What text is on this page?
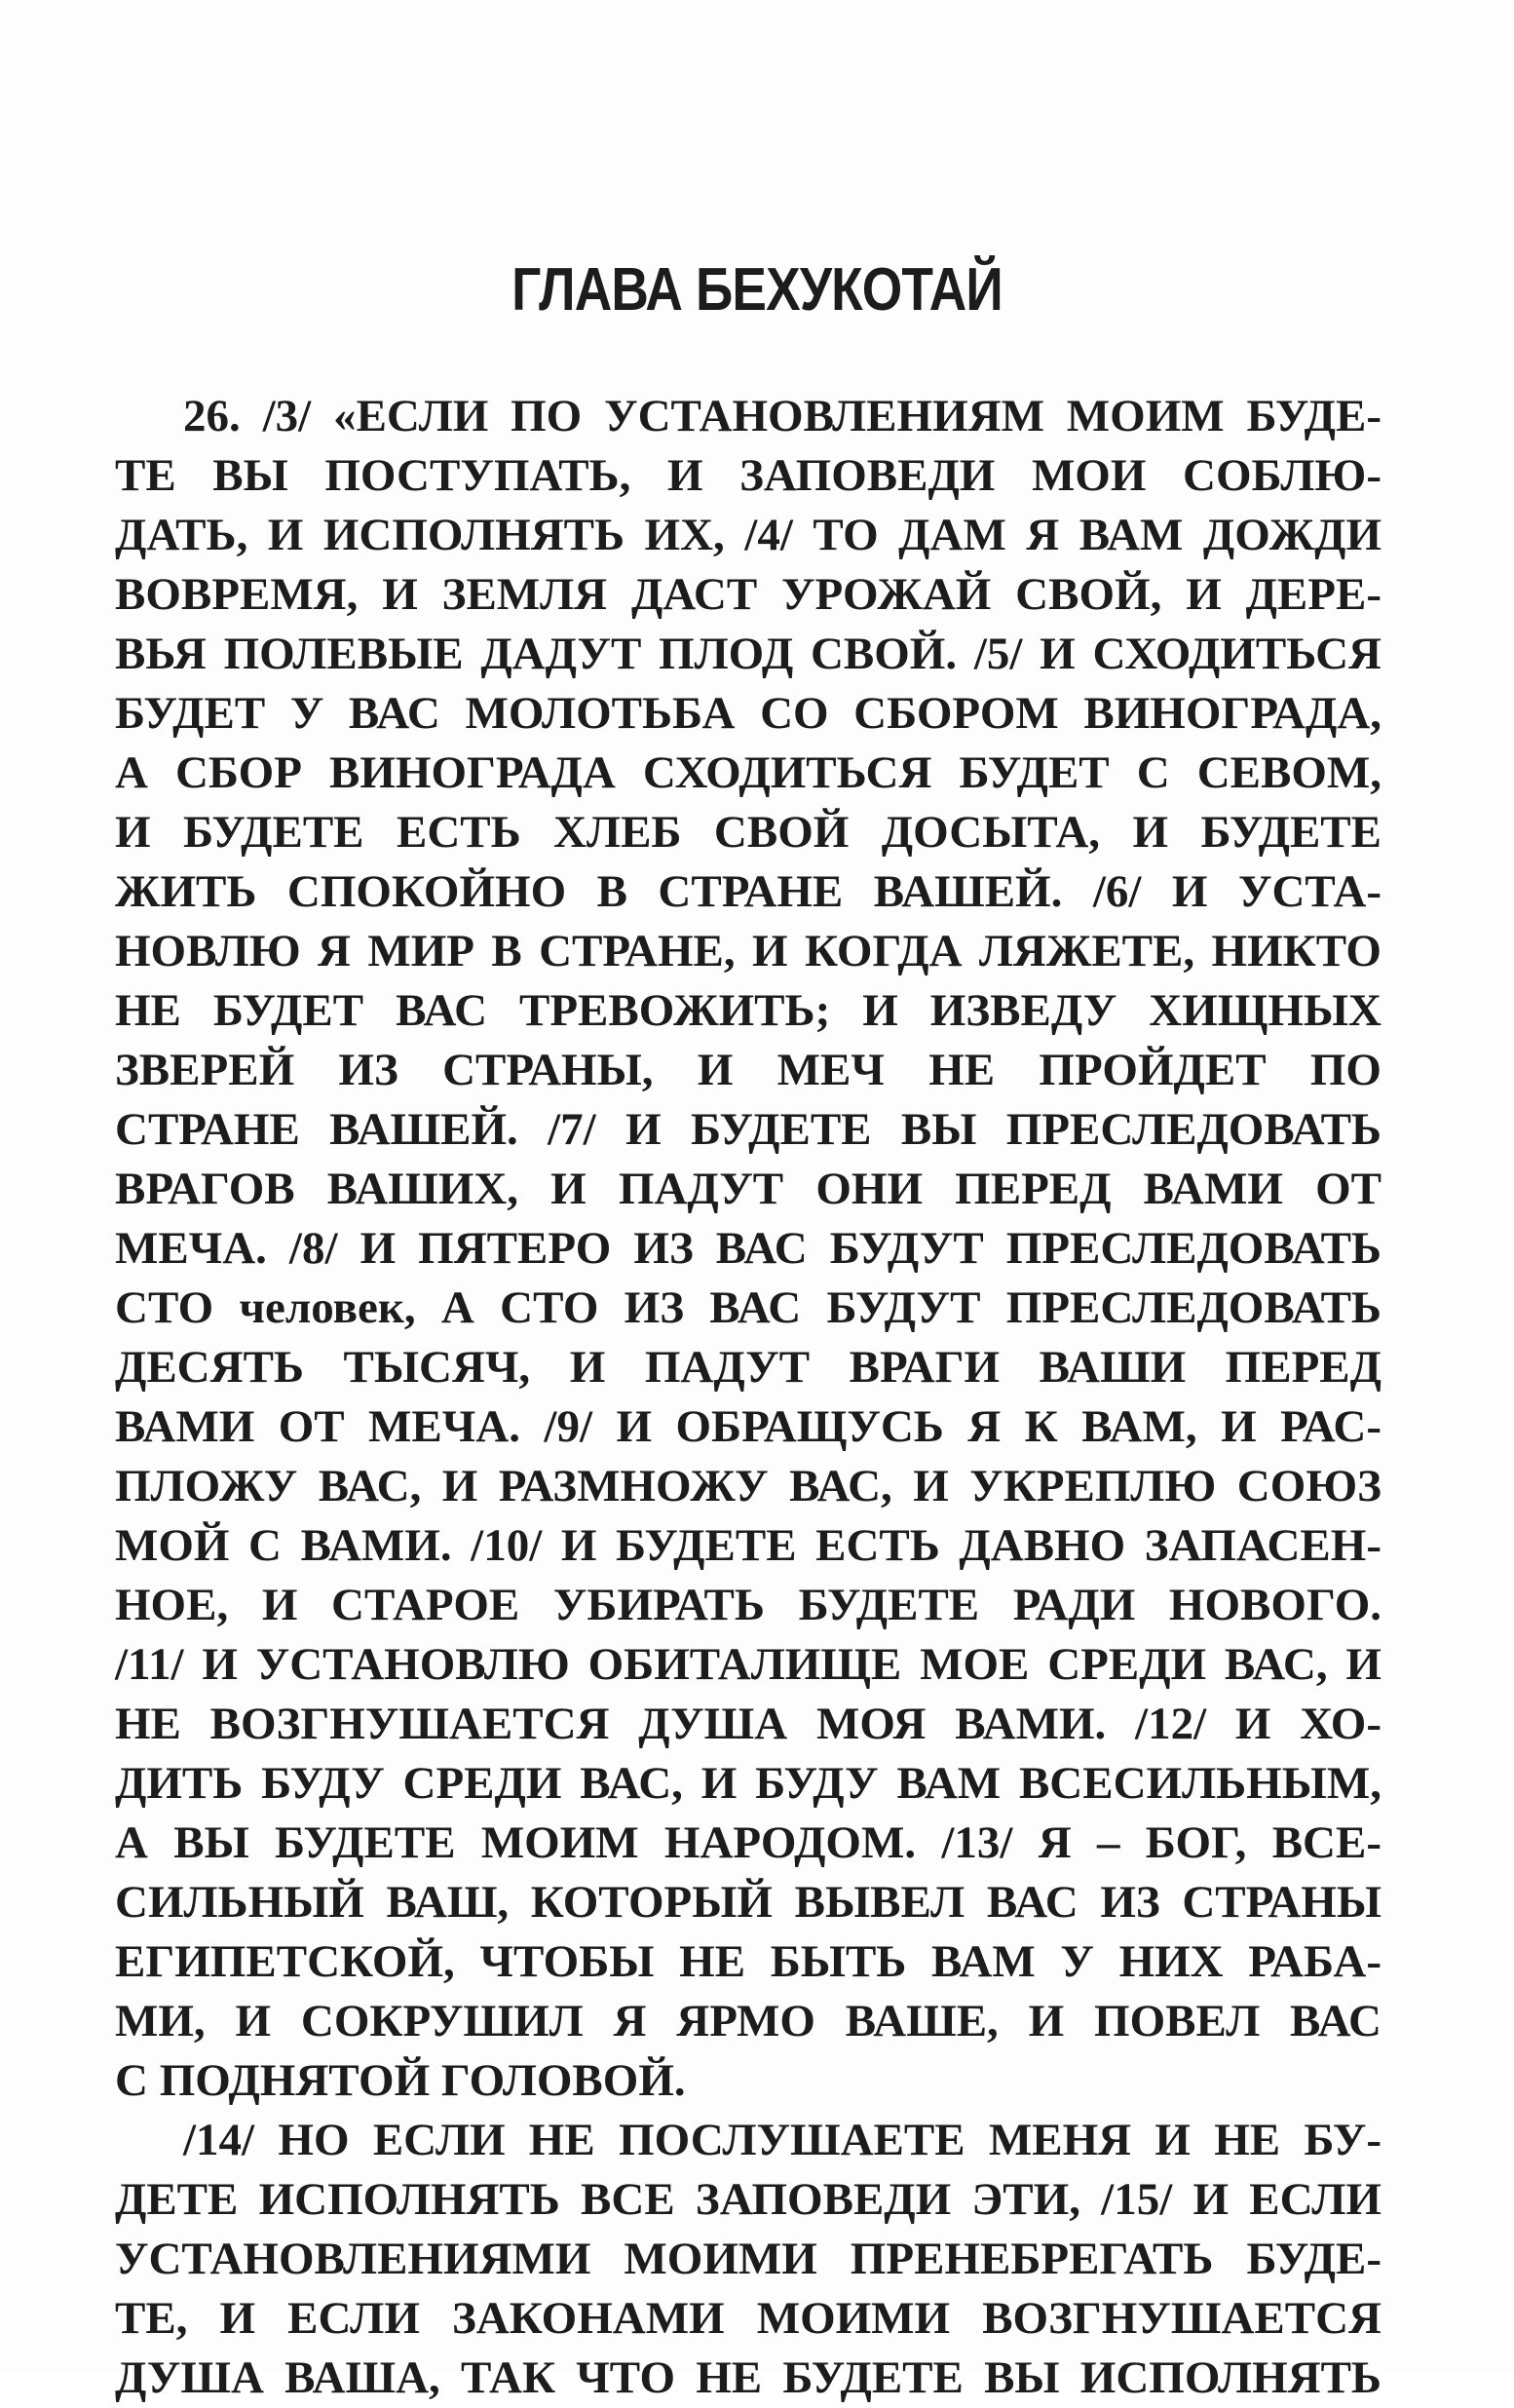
ГЛАВА БЕХУКОТАЙ
26. /3/ «ЕСЛИ ПО УСТАНОВЛЕНИЯМ МОИМ БУДЕ-
ТЕ ВЫ ПОСТУПАТЬ, И ЗАПОВЕДИ МОИ СОБЛЮ-
ДАТЬ, И ИСПОЛНЯТЬ ИХ, /4/ ТО ДАМ Я ВАМ ДОЖДИ
ВОВРЕМЯ, И ЗЕМЛЯ ДАСТ УРОЖАЙ СВОЙ, И ДЕРЕ-
ВЬЯ ПОЛЕВЫЕ ДАДУТ ПЛОД СВОЙ. /5/ И СХОДИТЬСЯ
БУДЕТ У ВАС МОЛОТЬБА СО СБОРОМ ВИНОГРАДА,
А СБОР ВИНОГРАДА СХОДИТЬСЯ БУДЕТ С СЕВОМ,
И БУДЕТЕ ЕСТЬ ХЛЕБ СВОЙ ДОСЫТА, И БУДЕТЕ
ЖИТЬ СПОКОЙНО В СТРАНЕ ВАШЕЙ. /6/ И УСТА-
НОВЛЮ Я МИР В СТРАНЕ, И КОГДА ЛЯЖЕТЕ, НИКТО
НЕ БУДЕТ ВАС ТРЕВОЖИТЬ; И ИЗВЕДУ ХИЩНЫХ
ЗВЕРЕЙ ИЗ СТРАНЫ, И МЕЧ НЕ ПРОЙДЕТ ПО
СТРАНЕ ВАШЕЙ. /7/ И БУДЕТЕ ВЫ ПРЕСЛЕДОВАТЬ
ВРАГОВ ВАШИХ, И ПАДУТ ОНИ ПЕРЕД ВАМИ ОТ
МЕЧА. /8/ И ПЯТЕРО ИЗ ВАС БУДУТ ПРЕСЛЕДОВАТЬ
СТО человек, А СТО ИЗ ВАС БУДУТ ПРЕСЛЕДОВАТЬ
ДЕСЯТЬ ТЫСЯЧ, И ПАДУТ ВРАГИ ВАШИ ПЕРЕД
ВАМИ ОТ МЕЧА. /9/ И ОБРАЩУСЬ Я К ВАМ, И РАС-
ПЛОЖУ ВАС, И РАЗМНОЖУ ВАС, И УКРЕПЛЮ СОЮЗ
МОЙ С ВАМИ. /10/ И БУДЕТЕ ЕСТЬ ДАВНО ЗАПАСЕН-
НОЕ, И СТАРОЕ УБИРАТЬ БУДЕТЕ РАДИ НОВОГО.
/11/ И УСТАНОВЛЮ ОБИТАЛИЩЕ МОЕ СРЕДИ ВАС, И
НЕ ВОЗГНУШАЕТСЯ ДУША МОЯ ВАМИ. /12/ И ХО-
ДИТЬ БУДУ СРЕДИ ВАС, И БУДУ ВАМ ВСЕСИЛЬНЫМ,
А ВЫ БУДЕТЕ МОИМ НАРОДОМ. /13/ Я – БОГ, ВСЕ-
СИЛЬНЫЙ ВАШ, КОТОРЫЙ ВЫВЕЛ ВАС ИЗ СТРАНЫ
ЕГИПЕТСКОЙ, ЧТОБЫ НЕ БЫТЬ ВАМ У НИХ РАБА-
МИ, И СОКРУШИЛ Я ЯРМО ВАШЕ, И ПОВЕЛ ВАС
С ПОДНЯТОЙ ГОЛОВОЙ.
/14/ НО ЕСЛИ НЕ ПОСЛУШАЕТЕ МЕНЯ И НЕ БУ-
ДЕТЕ ИСПОЛНЯТЬ ВСЕ ЗАПОВЕДИ ЭТИ, /15/ И ЕСЛИ
УСТАНОВЛЕНИЯМИ МОИМИ ПРЕНЕБРЕГАТЬ БУДЕ-
ТЕ, И ЕСЛИ ЗАКОНАМИ МОИМИ ВОЗГНУШАЕТСЯ
ДУША ВАША, ТАК ЧТО НЕ БУДЕТЕ ВЫ ИСПОЛНЯТЬ
